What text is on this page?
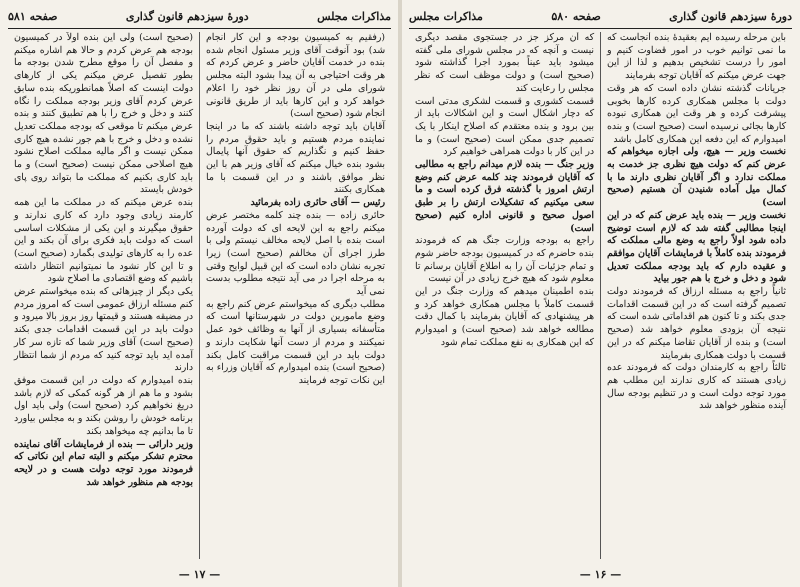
مذاکرات مجلس
دورهٔ سیزدهم قانون گذاری
صفحه ۵۸۱

(رفقیم به کمیسیون بودجه و این کار انجام شد) بود آنوقت آقای وزیر مسئول انجام شده بنده در خدمت آقایان حاضر و عرض کردم که هر وقت احتیاجی به آن پیدا بشود البته مجلس شورای ملی در آن روز نظر خود را اعلام خواهد کرد و این کارها باید از طریق قانونی انجام شود (صحیح است)

آقایان باید توجه داشته باشند که ما در اینجا نماینده مردم هستیم و باید حقوق مردم را حفظ کنیم و نگذاریم که حقوق آنها پایمال بشود بنده خیال میکنم که آقای وزیر هم با این نظر موافق باشند و در این قسمت با ما همکاری بکنند

رئیس — آقای حائری زاده بفرمائید

حائری زاده — بنده چند کلمه مختصر عرض میکنم راجع به این لایحه ای که دولت آورده است بنده با اصل لایحه مخالف نیستم ولی با طرز اجرای آن مخالفم (صحیح است) زیرا تجربه نشان داده است که این قبیل لوایح وقتی به مرحله اجرا در می آید نتیجه مطلوب بدست نمی آید

مطلب دیگری که میخواستم عرض کنم راجع به وضع مامورین دولت در شهرستانها است که متأسفانه بسیاری از آنها به وظائف خود عمل نمیکنند و مردم از دست آنها شکایت دارند و دولت باید در این قسمت مراقبت کامل بکند (صحیح است) بنده امیدوارم که آقایان وزراء به این نکات توجه فرمایند

(صحیح است) ولی این بنده اولاً در کمیسیون بودجه هم عرض کردم و حالا هم اشاره میکنم و مفصل آن را موقع مطرح شدن بودجه ما بطور تفصیل عرض میکنم یکی از کارهای دولت اینست که اصلاً همانطوریکه بنده سابق عرض کردم آقای وزیر بودجه مملکت را نگاه کنند و دخل و خرج را با هم تطبیق کنند و بنده عرض میکنم تا موقعی که بودجه مملکت تعدیل نشده و دخل و خرج با هم جور نشده هیچ کاری ممکن نیست و اگر مالیه مملکت اصلاح نشود هیچ اصلاحی ممکن نیست (صحیح است) و ما باید کاری بکنیم که مملکت ما بتواند روی پای خودش بایستد

بنده عرض میکنم که در مملکت ما این همه کارمند زیادی وجود دارد که کاری ندارند و حقوق میگیرند و این یکی از مشکلات اساسی است که دولت باید فکری برای آن بکند و این عده را به کارهای تولیدی بگمارد (صحیح است) و تا این کار نشود ما نمیتوانیم انتظار داشته باشیم که وضع اقتصادی ما اصلاح شود

یکی دیگر از چیزهائی که بنده میخواستم عرض کنم مسئله ارزاق عمومی است که امروز مردم در مضیقه هستند و قیمتها روز بروز بالا میرود و دولت باید در این قسمت اقدامات جدی بکند (صحیح است) آقای وزیر شما که تازه سر کار آمده اید باید توجه کنید که مردم از شما انتظار دارند

بنده امیدوارم که دولت در این قسمت موفق بشود و ما هم از هر گونه کمکی که لازم باشد دریغ نخواهیم کرد (صحیح است) ولی باید اول برنامه خودش را روشن بکند و به مجلس بیاورد تا ما بدانیم چه میخواهد بکند

وزیر دارائی — بنده از فرمایشات آقای نماینده محترم تشکر میکنم و البته تمام این نکاتی که فرمودند مورد توجه دولت هست و در لایحه بودجه هم منظور خواهد شد

— ۱۷ —
دورهٔ سیزدهم قانون گذاری
صفحه ۵۸۰
مذاکرات مجلس

باین مرحله رسیده ایم بعقیدهٔ بنده آنجاست که ما نمی توانیم خوب در امور قضاوت کنیم و امور را درست تشخیص بدهیم و لذا از این جهت عرض میکنم که آقایان توجه بفرمایند

جریانات گذشته نشان داده است که هر وقت دولت با مجلس همکاری کرده کارها بخوبی پیشرفت کرده و هر وقت این همکاری نبوده کارها بجائی نرسیده است (صحیح است) و بنده امیدوارم که این دفعه این همکاری کامل باشد

نخست وزیر — هیچ، ولی اجازه میخواهم که عرض کنم که دولت هیچ نظری جز خدمت به مملکت ندارد و اگر آقایان نظری دارند ما با کمال میل آماده شنیدن آن هستیم (صحیح است)

نخست وزیر — بنده باید عرض کنم که در این اینجا مطالبی گفته شد که لازم است توضیح داده شود اولاً راجع به وضع مالی مملکت که فرمودند بنده کاملاً با فرمایشات آقایان موافقم و عقیده دارم که باید بودجه مملکت تعدیل شود و دخل و خرج با هم جور بیاید

ثانیاً راجع به مسئله ارزاق که فرمودند دولت تصمیم گرفته است که در این قسمت اقدامات جدی بکند و تا کنون هم اقداماتی شده است که نتیجه آن بزودی معلوم خواهد شد (صحیح است) و بنده از آقایان تقاضا میکنم که در این قسمت با دولت همکاری بفرمایند

ثالثاً راجع به کارمندان دولت که فرمودند عده زیادی هستند که کاری ندارند این مطلب هم مورد توجه دولت است و در تنظیم بودجه سال آینده منظور خواهد شد

که آن مرکز جز در جستجوی مقصد دیگری نیست و آنچه که در مجلس شورای ملی گفته میشود باید عیناً بمورد اجرا گذاشته شود (صحیح است) و دولت موظف است که نظر مجلس را رعایت کند

قسمت کشوری و قسمت لشکری مدتی است که دچار اشکال است و این اشکالات باید از بین برود و بنده معتقدم که اصلاح اینکار با یک تصمیم جدی ممکن است (صحیح است) و ما در این کار با دولت همراهی خواهیم کرد

وزیر جنگ — بنده لازم میدانم راجع به مطالبی که آقایان فرمودند چند کلمه عرض کنم وضع ارتش امروز با گذشته فرق کرده است و ما سعی میکنیم که تشکیلات ارتش را بر طبق اصول صحیح و قانونی اداره کنیم (صحیح است)

راجع به بودجه وزارت جنگ هم که فرمودند بنده حاضرم که در کمیسیون بودجه حاضر شوم و تمام جزئیات آن را به اطلاع آقایان برسانم تا معلوم شود که هیچ خرج زیادی در آن نیست

بنده اطمینان میدهم که وزارت جنگ در این قسمت کاملاً با مجلس همکاری خواهد کرد و هر پیشنهادی که آقایان بفرمایند با کمال دقت مطالعه خواهد شد (صحیح است) و امیدوارم که این همکاری به نفع مملکت تمام شود

— ۱۶ —
